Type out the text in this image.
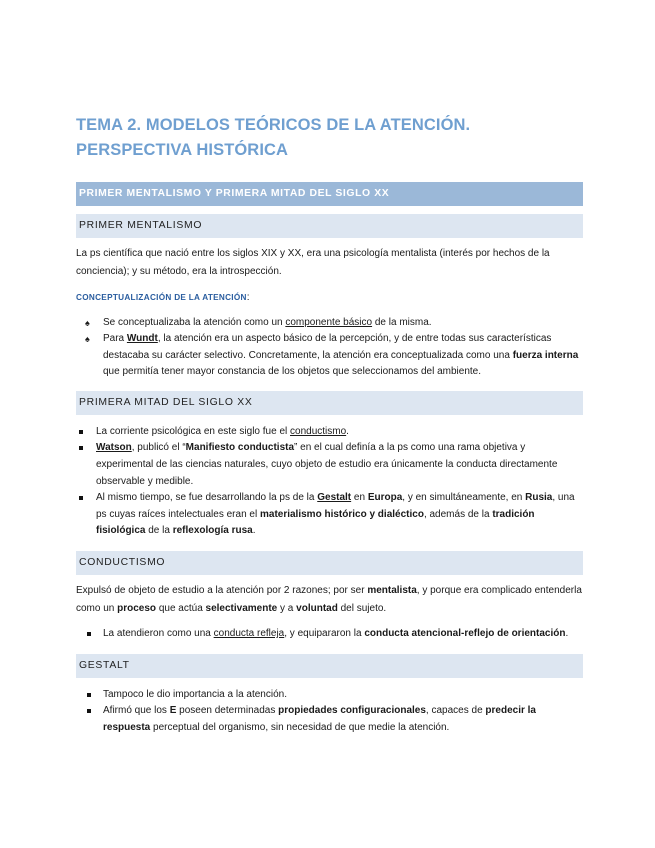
TEMA 2. MODELOS TEÓRICOS DE LA ATENCIÓN. PERSPECTIVA HISTÓRICA
PRIMER MENTALISMO Y PRIMERA MITAD DEL SIGLO XX
PRIMER MENTALISMO

La ps científica que nació entre los siglos XIX y XX, era una psicología mentalista (interés por hechos de la conciencia); y su método, era la introspección.

CONCEPTUALIZACIÓN DE LA ATENCIÓN:

♠ Se conceptualizaba la atención como un componente básico de la misma.
♠ Para Wundt, la atención era un aspecto básico de la percepción, y de entre todas sus características destacaba su carácter selectivo. Concretamente, la atención era conceptualizada como una fuerza interna que permitía tener mayor constancia de los objetos que seleccionamos del ambiente.
PRIMERA MITAD DEL SIGLO XX
La corriente psicológica en este siglo fue el conductismo.
Watson, publicó el “Manifiesto conductista” en el cual definía a la ps como una rama objetiva y experimental de las ciencias naturales, cuyo objeto de estudio era únicamente la conducta directamente observable y medible.
Al mismo tiempo, se fue desarrollando la ps de la Gestalt en Europa, y en simultáneamente, en Rusia, una ps cuyas raíces intelectuales eran el materialismo histórico y dialéctico, además de la tradición fisiológica de la reflexología rusa.
CONDUCTISMO

Expulsó de objeto de estudio a la atención por 2 razones; por ser mentalista, y porque era complicado entenderla como un proceso que actúa selectivamente y a voluntad del sujeto.

La atendieron como una conducta refleja, y equipararon la conducta atencional-reflejo de orientación.
GESTALT
Tampoco le dio importancia a la atención.
Afirmó que los E poseen determinadas propiedades configuracionales, capaces de predecir la respuesta perceptual del organismo, sin necesidad de que medie la atención.
